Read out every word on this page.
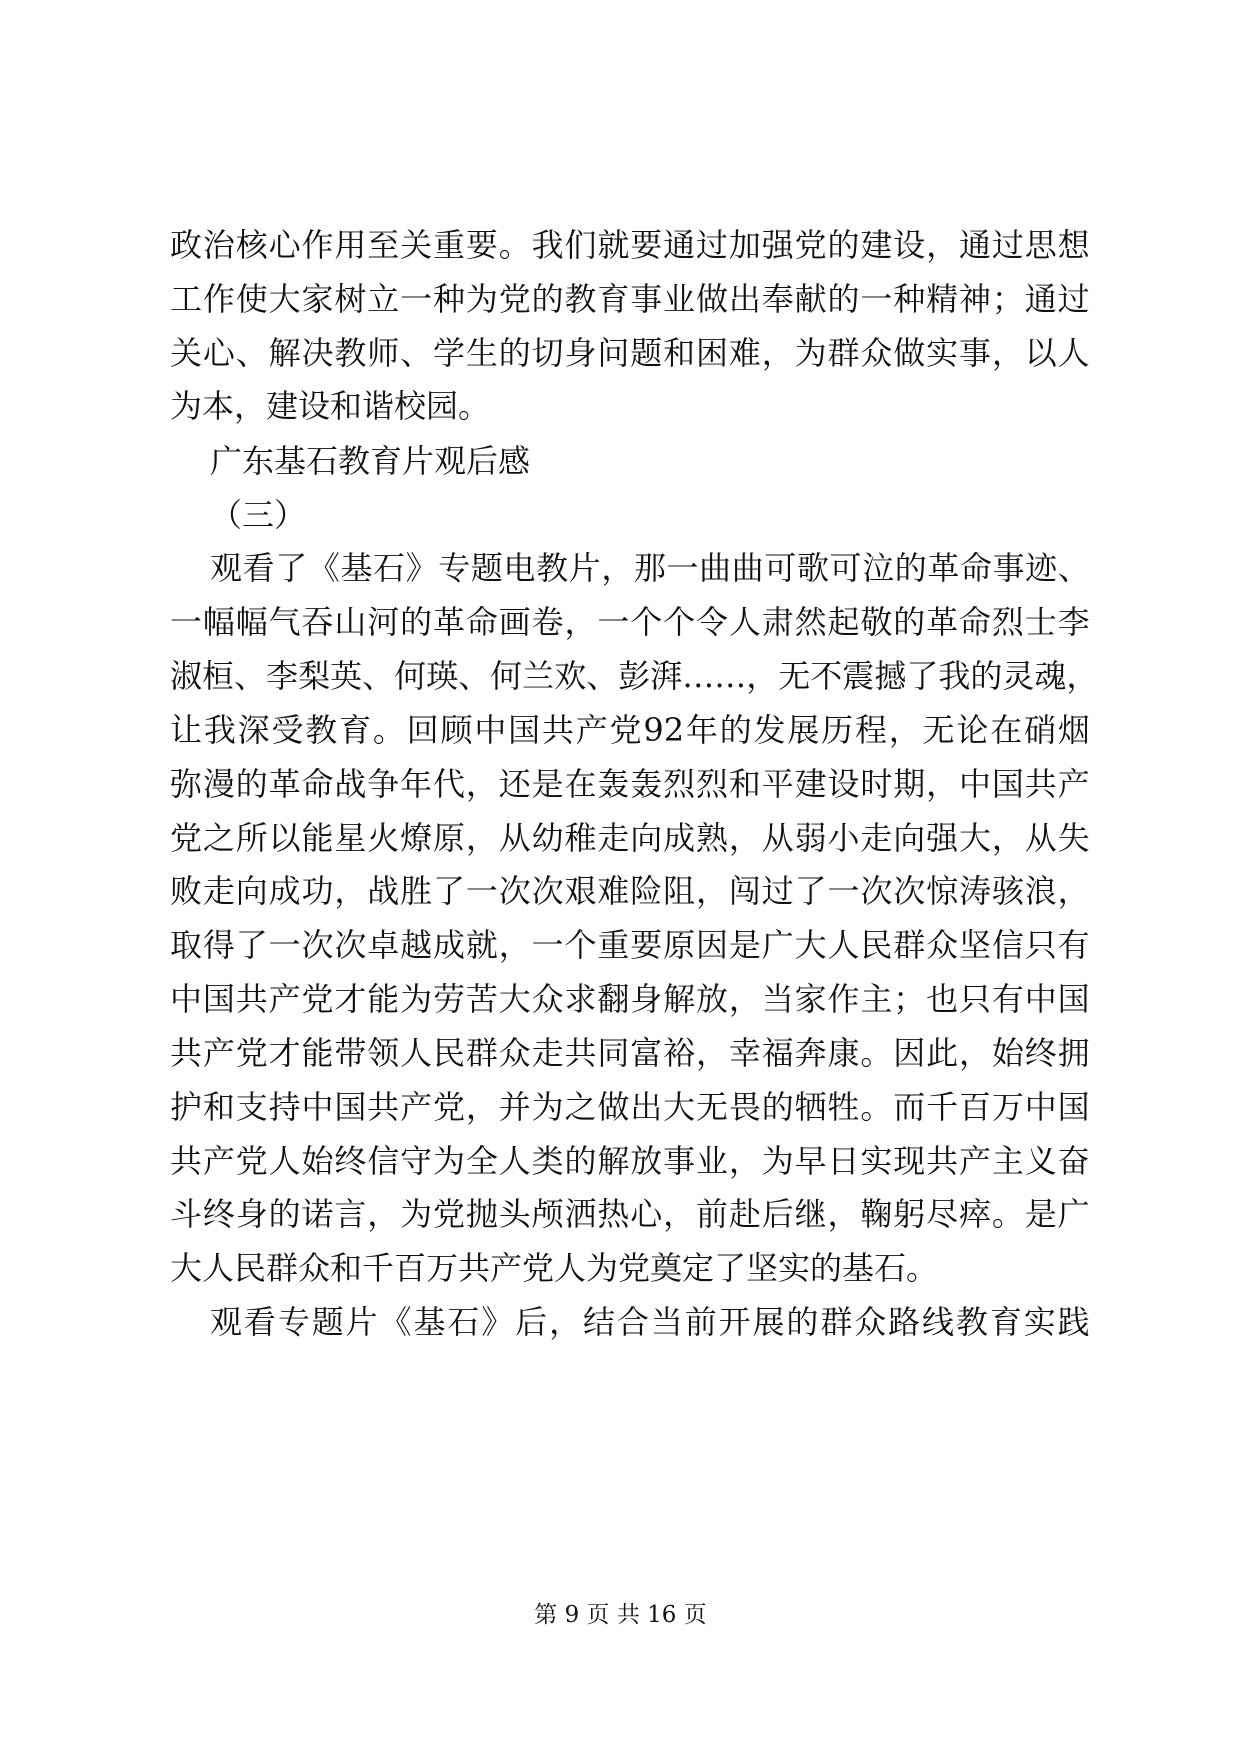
政 治 核 心 作 用 至 关 重 要 。 我 们 就 要 通 过 加 强 党 的 建 设 ， 通 过 思 想
工 作 使 大 家 树 立 一 种 为 党 的 教 育 事 业 做 出 奉 献 的 一 种 精 神 ； 通 过
关 心 、 解 决 教 师 、 学 生 的 切 身 问 题 和 困 难 ， 为 群 众 做 实 事 ， 以 人
为本，建设和谐校园。
广东基石教育片观后感
（三）
观 看 了 《 基 石 》 专 题 电 教 片 ， 那 一 曲 曲 可 歌 可 泣 的 革 命 事 迹 、
一 幅 幅 气 吞 山 河 的 革 命 画 卷 ， 一 个 个 令 人 肃 然 起 敬 的 革 命 烈 士 李
淑 桓 、 李 梨 英 、 何 瑛 、 何 兰 欢 、 彭 湃 … … ， 无 不 震 撼 了 我 的 灵 魂 ，
让 我 深 受 教 育 。 回 顾 中 国 共 产 党 92 年 的 发 展 历 程 ， 无 论 在 硝 烟
弥 漫 的 革 命 战 争 年 代 ， 还 是 在 轰 轰 烈 烈 和 平 建 设 时 期 ， 中 国 共 产
党 之 所 以 能 星 火 燎 原 ， 从 幼 稚 走 向 成 熟 ， 从 弱 小 走 向 强 大 ， 从 失
败 走 向 成 功 ， 战 胜 了 一 次 次 艰 难 险 阻 ， 闯 过 了 一 次 次 惊 涛 骇 浪 ，
取 得 了 一 次 次 卓 越 成 就 ， 一 个 重 要 原 因 是 广 大 人 民 群 众 坚 信 只 有
中 国 共 产 党 才 能 为 劳 苦 大 众 求 翻 身 解 放 ， 当 家 作 主 ； 也 只 有 中 国
共 产 党 才 能 带 领 人 民 群 众 走 共 同 富 裕 ， 幸 福 奔 康 。 因 此 ， 始 终 拥
护 和 支 持 中 国 共 产 党 ， 并 为 之 做 出 大 无 畏 的 牺 牲 。 而 千 百 万 中 国
共 产 党 人 始 终 信 守 为 全 人 类 的 解 放 事 业 ， 为 早 日 实 现 共 产 主 义 奋
斗 终 身 的 诺 言 ， 为 党 抛 头 颅 洒 热 心 ， 前 赴 后 继 ， 鞠 躬 尽 瘁 。 是 广
大人民群众和千百万共产党人为党奠定了坚实的基石。
观 看 专 题 片 《 基 石 》 后 ， 结 合 当 前 开 展 的 群 众 路 线 教 育 实 践
第 9 页 共 16 页
